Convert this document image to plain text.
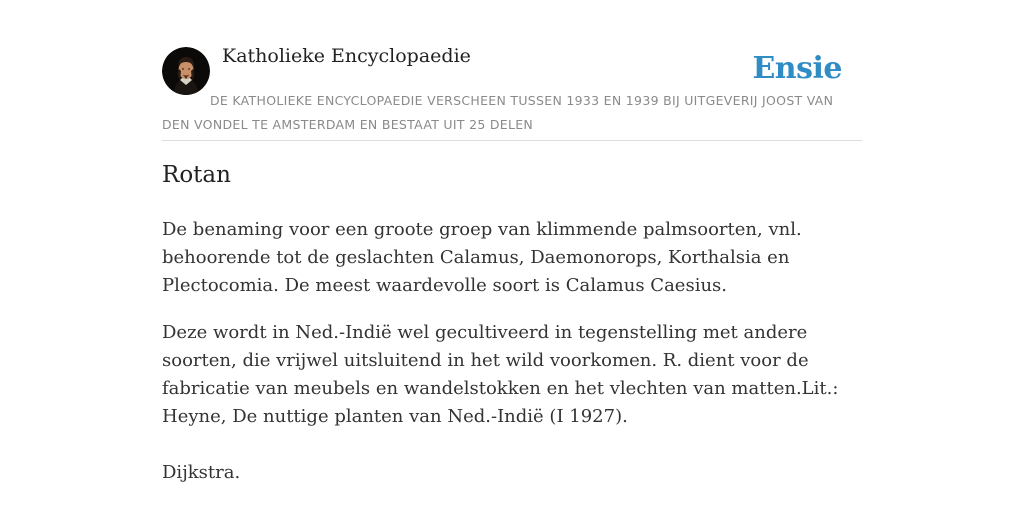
Katholieke Encyclopaedie	Ensie
DE KATHOLIEKE ENCYCLOPAEDIE VERSCHEEN TUSSEN 1933 EN 1939 BIJ UITGEVERIJ JOOST VAN DEN VONDEL TE AMSTERDAM EN BESTAAT UIT 25 DELEN
Rotan

De benaming voor een groote groep van klimmende palmsoorten, vnl. behoorende tot de geslachten Calamus, Daemonorops, Korthalsia en Plectocomia. De meest waardevolle soort is Calamus Caesius.

Deze wordt in Ned.-Indië wel gecultiveerd in tegenstelling met andere soorten, die vrijwel uitsluitend in het wild voorkomen. R. dient voor de fabricatie van meubels en wandelstokken en het vlechten van matten.Lit.: Heyne, De nuttige planten van Ned.-Indië (I 1927).

Dijkstra.
